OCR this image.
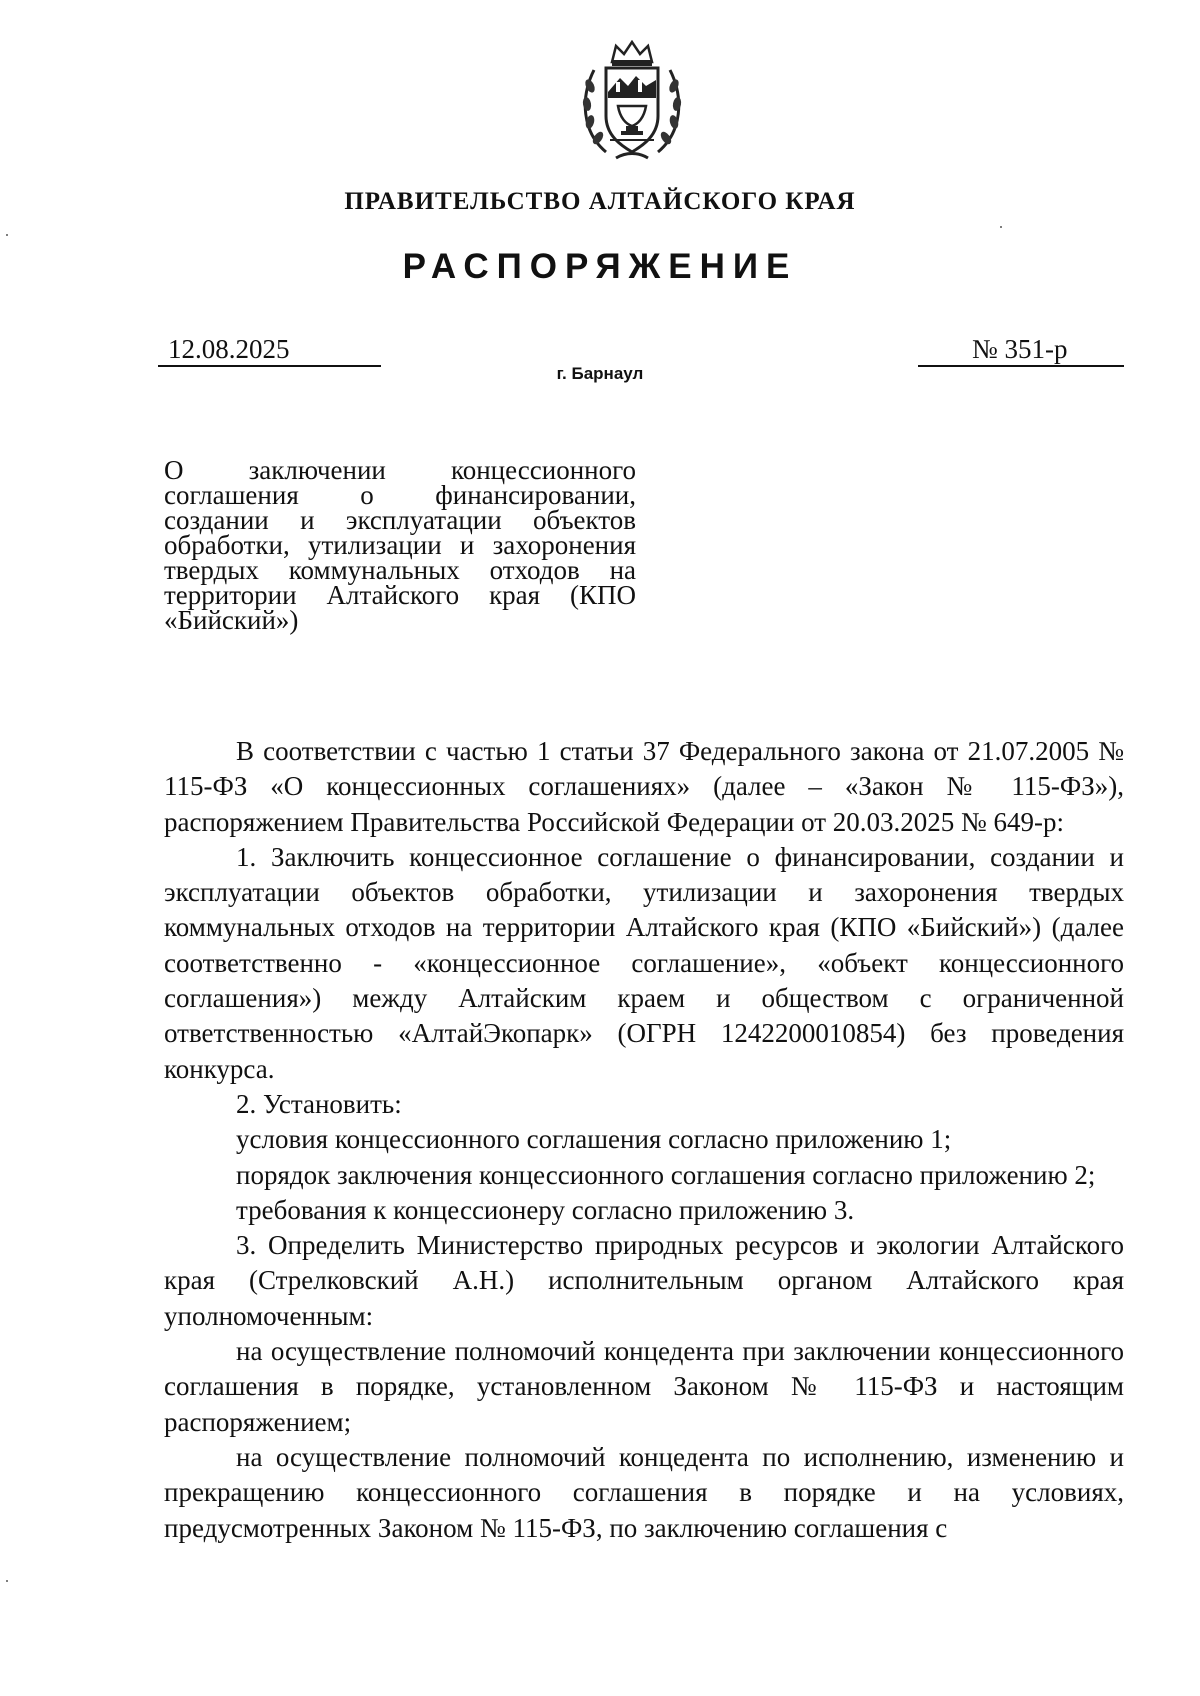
ПРАВИТЕЛЬСТВО АЛТАЙСКОГО КРАЯ
РАСПОРЯЖЕНИЕ
12.08.2025	№ 351-р
г. Барнаул
О заключении концессионного соглашения о финансировании, создании и эксплуатации объектов обработки, утилизации и захоронения твердых коммунальных отходов на территории Алтайского края (КПО «Бийский»)

В соответствии с частью 1 статьи 37 Федерального закона от 21.07.2005 № 115-ФЗ «О концессионных соглашениях» (далее – «Закон № 115-ФЗ»), распоряжением Правительства Российской Федерации от 20.03.2025 № 649-р:

1. Заключить концессионное соглашение о финансировании, создании и эксплуатации объектов обработки, утилизации и захоронения твердых коммунальных отходов на территории Алтайского края (КПО «Бийский») (далее соответственно - «концессионное соглашение», «объект концессионного соглашения») между Алтайским краем и обществом с ограниченной ответственностью «АлтайЭкопарк» (ОГРН 1242200010854) без проведения конкурса.

2. Установить:

условия концессионного соглашения согласно приложению 1;

порядок заключения концессионного соглашения согласно приложению 2;

требования к концессионеру согласно приложению 3.

3. Определить Министерство природных ресурсов и экологии Алтайского края (Стрелковский А.Н.) исполнительным органом Алтайского края уполномоченным:

на осуществление полномочий концедента при заключении концессионного соглашения в порядке, установленном Законом № 115-ФЗ и настоящим распоряжением;

на осуществление полномочий концедента по исполнению, изменению и прекращению концессионного соглашения в порядке и на условиях, предусмотренных Законом № 115-ФЗ, по заключению соглашения с
